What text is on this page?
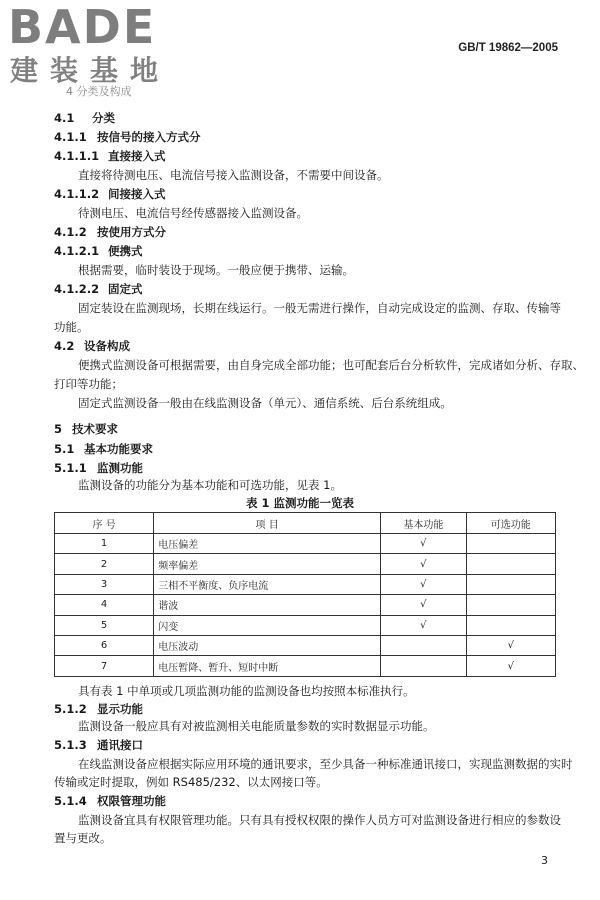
BADE
建装基地
GB/T 19862—2005
4 分类及构成
4.1 分类
4.1.1 按信号的接入方式分
4.1.1.1 直接接入式
直接将待测电压、电流信号接入监测设备，不需要中间设备。
4.1.1.2 间接接入式
待测电压、电流信号经传感器接入监测设备。
4.1.2 按使用方式分
4.1.2.1 便携式
根据需要，临时装设于现场。一般应便于携带、运输。
4.1.2.2 固定式
固定装设在监测现场，长期在线运行。一般无需进行操作，自动完成设定的监测、存取、传输等
功能。
4.2 设备构成
便携式监测设备可根据需要，由自身完成全部功能；也可配套后台分析软件，完成诸如分析、存取、
打印等功能；
固定式监测设备一般由在线监测设备（单元）、通信系统、后台系统组成。
5 技术要求
5.1 基本功能要求
5.1.1 监测功能
监测设备的功能分为基本功能和可选功能，见表 1。
表 1 监测功能一览表
序 号	项 目	基本功能	可选功能
1	电压偏差	√	
2	频率偏差	√	
3	三相不平衡度、负序电流	√	
4	谐波	√	
5	闪变	√	
6	电压波动		√
7	电压暂降、暂升、短时中断		√
具有表 1 中单项或几项监测功能的监测设备也均按照本标准执行。
5.1.2 显示功能
监测设备一般应具有对被监测相关电能质量参数的实时数据显示功能。
5.1.3 通讯接口
在线监测设备应根据实际应用环境的通讯要求，至少具备一种标准通讯接口，实现监测数据的实时
传输或定时提取，例如 RS485/232、以太网接口等。
5.1.4 权限管理功能
监测设备宜具有权限管理功能。只有具有授权权限的操作人员方可对监测设备进行相应的参数设
置与更改。
3
